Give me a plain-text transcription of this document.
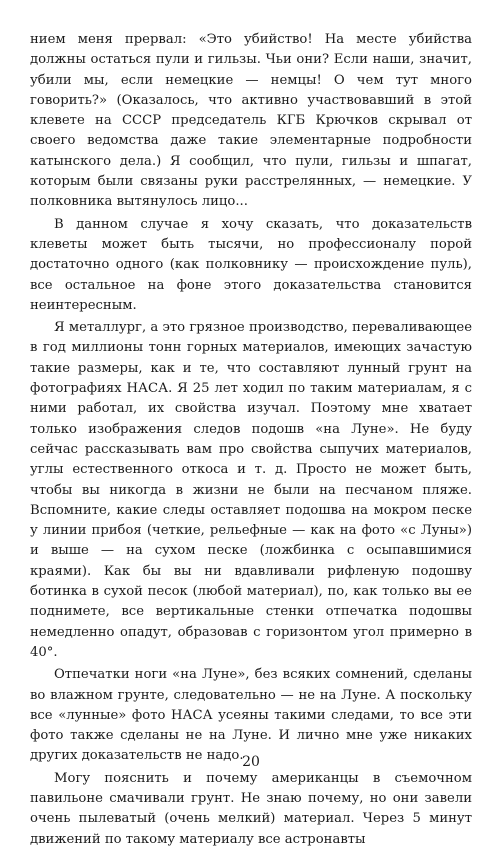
нием меня прервал: «Это убийство! На месте убийства должны остаться пули и гильзы. Чьи они? Если наши, значит, убили мы, если немецкие — немцы! О чем тут много говорить?» (Оказалось, что активно участвовавший в этой клевете на СССР председатель КГБ Крючков скрывал от своего ведомства даже такие элементарные подробности катынского дела.) Я сообщил, что пули, гильзы и шпагат, которым были связаны руки расстрелянных, — немецкие. У полковника вытянулось лицо...

В данном случае я хочу сказать, что доказательств клеветы может быть тысячи, но профессионалу порой достаточно одного (как полковнику — происхождение пуль), все остальное на фоне этого доказательства становится неинтересным.

Я металлург, а это грязное производство, переваливающее в год миллионы тонн горных материалов, имеющих зачастую такие размеры, как и те, что составляют лунный грунт на фотографиях НАСА. Я 25 лет ходил по таким материалам, я с ними работал, их свойства изучал. Поэтому мне хватает только изображения следов подошв «на Луне». Не буду сейчас рассказывать вам про свойства сыпучих материалов, углы естественного откоса и т. д. Просто не может быть, чтобы вы никогда в жизни не были на песчаном пляже. Вспомните, какие следы оставляет подошва на мокром песке у линии прибоя (четкие, рельефные — как на фото «с Луны») и выше — на сухом песке (ложбинка с осыпавшимися краями). Как бы вы ни вдавливали рифленую подошву ботинка в сухой песок (любой материал), по, как только вы ее поднимете, все вертикальные стенки отпечатка подошвы немедленно опадут, образовав с горизонтом угол примерно в 40°.

Отпечатки ноги «на Луне», без всяких сомнений, сделаны во влажном грунте, следовательно — не на Луне. А поскольку все «лунные» фото НАСА усеяны такими следами, то все эти фото также сделаны не на Луне. И лично мне уже никаких других доказательств не надо.

Могу пояснить и почему американцы в съемочном павильоне смачивали грунт. Не знаю почему, но они завели очень пылеватый (очень мелкий) материал. Через 5 минут движений по такому материалу все астронавты

20
